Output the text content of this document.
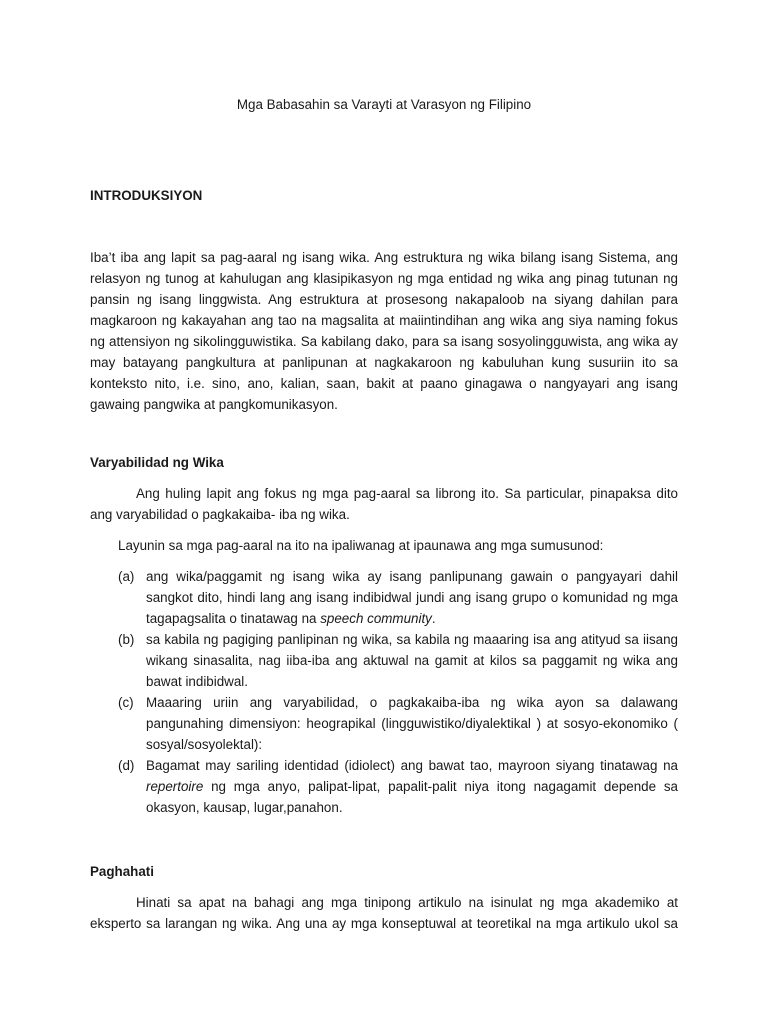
Mga Babasahin sa Varayti at Varasyon ng Filipino

INTRODUKSIYON

Iba’t iba ang lapit sa pag-aaral ng isang wika. Ang estruktura ng wika bilang isang Sistema, ang relasyon ng tunog at kahulugan ang klasipikasyon ng mga entidad ng wika ang pinag tutunan ng pansin ng isang linggwista. Ang estruktura at prosesong nakapaloob na siyang dahilan para magkaroon ng kakayahan ang tao na magsalita at maiintindihan ang wika ang siya naming fokus ng attensiyon ng sikolingguwistika. Sa kabilang dako, para sa isang sosyolingguwista, ang wika ay may batayang pangkultura at panlipunan at nagkakaroon ng kabuluhan kung susuriin ito sa konteksto nito, i.e. sino, ano, kalian, saan, bakit at paano ginagawa o nangyayari ang isang gawaing pangwika at pangkomunikasyon.

Varyabilidad ng Wika

Ang huling lapit ang fokus ng mga pag-aaral sa librong ito. Sa particular, pinapaksa dito ang varyabilidad o pagkakaiba- iba ng wika.

Layunin sa mga pag-aaral na ito na ipaliwanag at ipaunawa ang mga sumusunod:

(a) ang wika/paggamit ng isang wika ay isang panlipunang gawain o pangyayari dahil sangkot dito, hindi lang ang isang indibidwal jundi ang isang grupo o komunidad ng mga tagapagsalita o tinatawag na speech community.
(b) sa kabila ng pagiging panlipinan ng wika, sa kabila ng maaaring isa ang atityud sa iisang wikang sinasalita, nag iiba-iba ang aktuwal na gamit at kilos sa paggamit ng wika ang bawat indibidwal.
(c) Maaaring uriin ang varyabilidad, o pagkakaiba-iba ng wika ayon sa dalawang pangunahing dimensiyon: heograpikal (lingguwistiko/diyalektikal ) at sosyo-ekonomiko ( sosyal/sosyolektal):
(d) Bagamat may sariling identidad (idiolect) ang bawat tao, mayroon siyang tinatawag na repertoire ng mga anyo, palipat-lipat, papalit-palit niya itong nagagamit depende sa okasyon, kausap, lugar,panahon.

Paghahati

Hinati sa apat na bahagi ang mga tinipong artikulo na isinulat ng mga akademiko at eksperto sa larangan ng wika. Ang una ay mga konseptuwal at teoretikal na mga artikulo ukol sa
